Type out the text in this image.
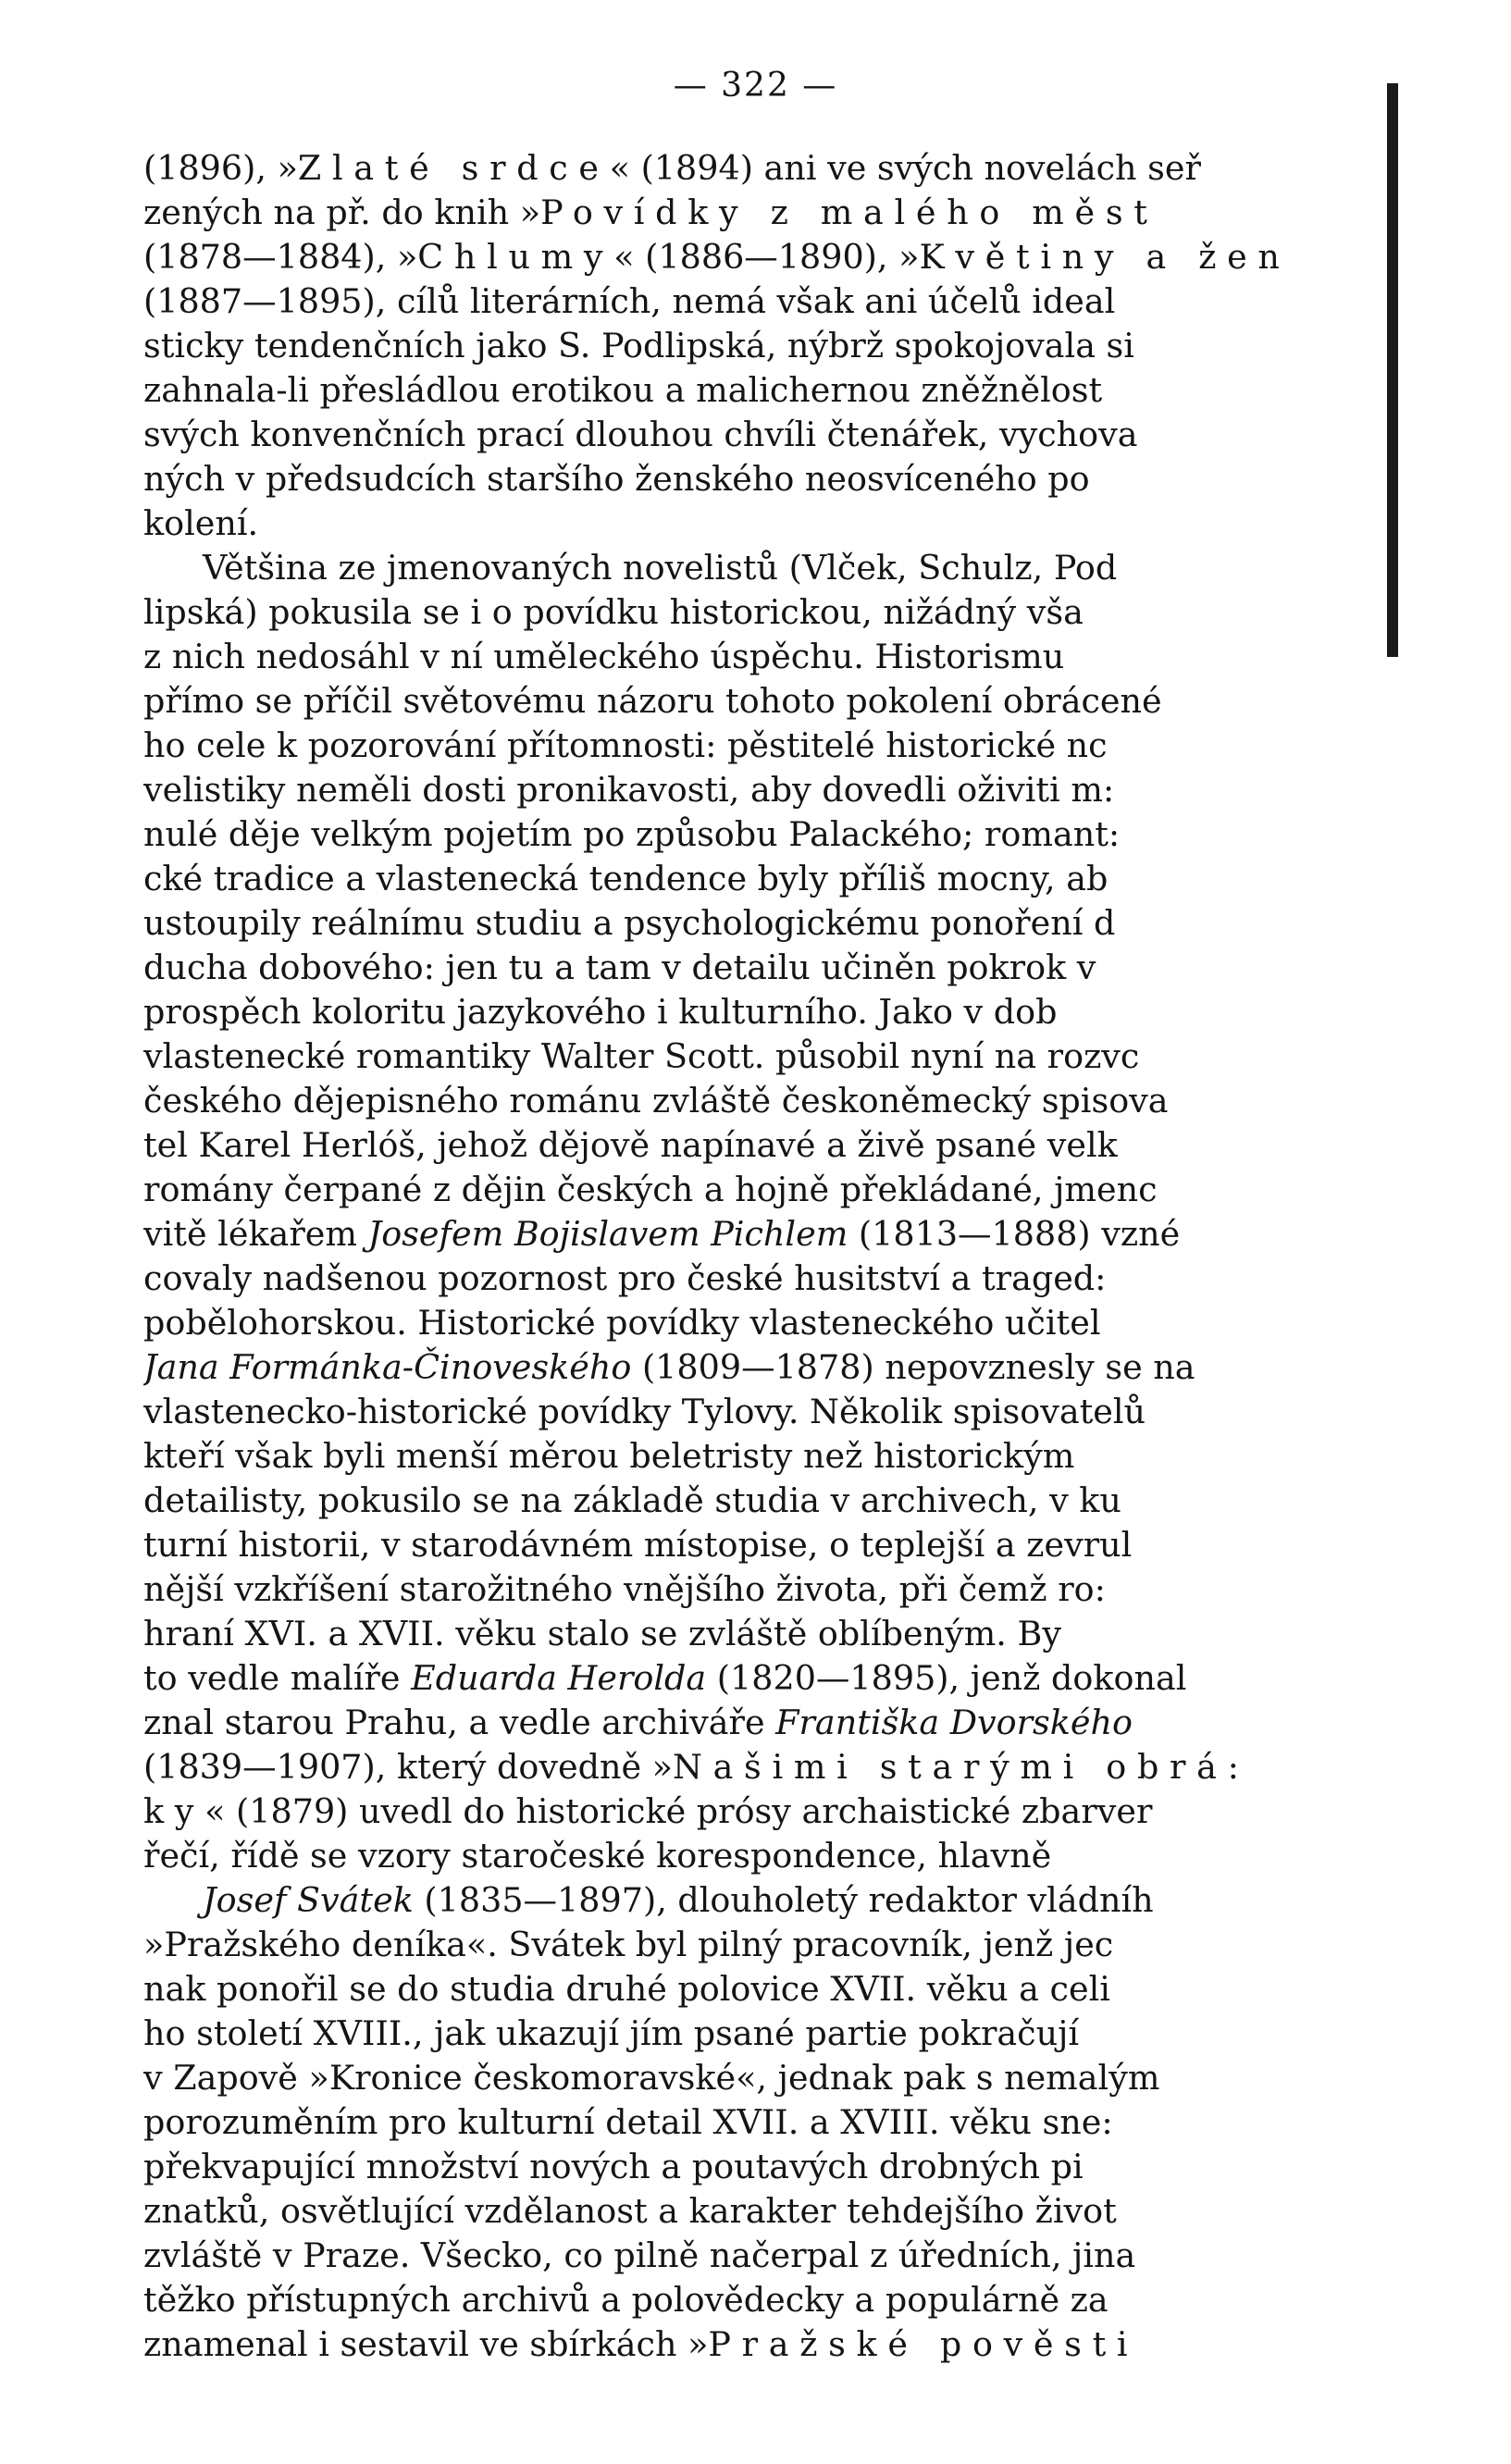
— 322 —
(1896), »Zlaté srdce« (1894) ani ve svých novelách seř
zených na př. do knih »Povídky z malého měst
(1878—1884), »Chlumy« (1886—1890), »Květiny a žen
(1887—1895), cílů literárních, nemá však ani účelů ideal
sticky tendenčních jako S. Podlipská, nýbrž spokojovala si
zahnala-li přesládlou erotikou a malichernou zněžnělost
svých konvenčních prací dlouhou chvíli čtenářek, vychova
ných v předsudcích staršího ženského neosvíceného po
kolení.
Většina ze jmenovaných novelistů (Vlček, Schulz, Pod
lipská) pokusila se i o povídku historickou, nižádný vša
z nich nedosáhl v ní uměleckého úspěchu. Historismu
přímo se příčil světovému názoru tohoto pokolení obrácené
ho cele k pozorování přítomnosti: pěstitelé historické nc
velistiky neměli dosti pronikavosti, aby dovedli oživiti m:
nulé děje velkým pojetím po způsobu Palackého; romant:
cké tradice a vlastenecká tendence byly příliš mocny, ab
ustoupily reálnímu studiu a psychologickému ponoření d
ducha dobového: jen tu a tam v detailu učiněn pokrok v
prospěch koloritu jazykového i kulturního. Jako v dob
vlastenecké romantiky Walter Scott. působil nyní na rozvc
českého dějepisného románu zvláště českoněmecký spisova
tel Karel Herlóš, jehož dějově napínavé a živě psané velk
romány čerpané z dějin českých a hojně překládané, jmenc
vitě lékařem Josefem Bojislavem Pichlem (1813—1888) vzné
covaly nadšenou pozornost pro české husitství a traged:
pobělohorskou. Historické povídky vlasteneckého učitel
Jana Formánka-Činoveského (1809—1878) nepovznesly se na
vlastenecko-historické povídky Tylovy. Několik spisovatelů
kteří však byli menší měrou beletristy než historickým
detailisty, pokusilo se na základě studia v archivech, v ku
turní historii, v starodávném místopise, o teplejší a zevrul
nější vzkříšení starožitného vnějšího života, při čemž ro:
hraní XVI. a XVII. věku stalo se zvláště oblíbeným. By
to vedle malíře Eduarda Herolda (1820—1895), jenž dokonal
znal starou Prahu, a vedle archiváře Františka Dvorského
(1839—1907), který dovedně »Našimi starými obrá:
ky« (1879) uvedl do historické prósy archaistické zbarver
řečí, řídě se vzory staročeské korespondence, hlavně
Josef Svátek (1835—1897), dlouholetý redaktor vládníh
»Pražského deníka«. Svátek byl pilný pracovník, jenž jec
nak ponořil se do studia druhé polovice XVII. věku a celi
ho století XVIII., jak ukazují jím psané partie pokračují
v Zapově »Kronice českomoravské«, jednak pak s nemalým
porozuměním pro kulturní detail XVII. a XVIII. věku sne:
překvapující množství nových a poutavých drobných pi
znatků, osvětlující vzdělanost a karakter tehdejšího život
zvláště v Praze. Všecko, co pilně načerpal z úředních, jina
těžko přístupných archivů a polovědecky a populárně za
znamenal i sestavil ve sbírkách »Pražské pověsti
